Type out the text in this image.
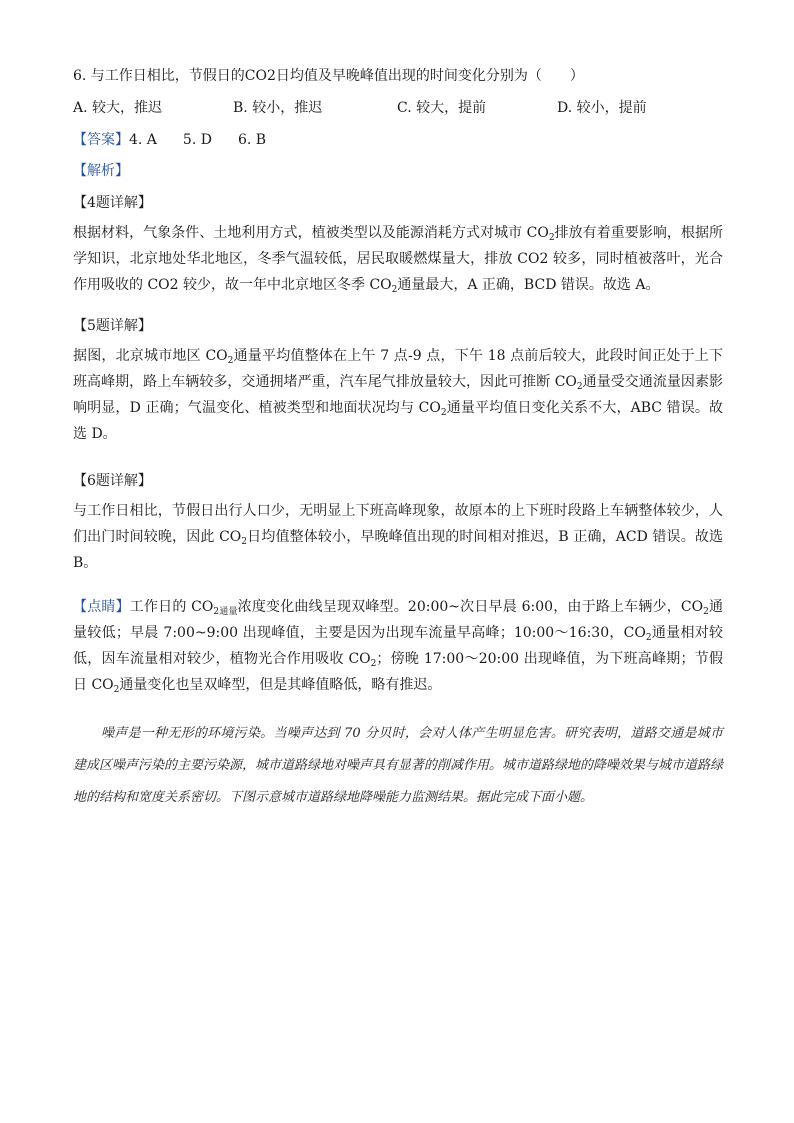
6. 与工作日相比，节假日的CO2日均值及早晚峰值出现的时间变化分别为（　　）
A. 较大，推迟	B. 较小，推迟	C. 较大，提前	D. 较小，提前
【答案】4. A 5. D 6. B
【解析】
【4题详解】
根据材料，气象条件、土地利用方式，植被类型以及能源消耗方式对城市 $CO_2$排放有着重要影响，根据所学知识，北京地处华北地区，冬季气温较低，居民取暖燃煤量大，排放 CO2 较多，同时植被落叶，光合作用吸收的 CO2 较少，故一年中北京地区冬季 $CO_2$通量最大，A 正确，BCD 错误。故选 A。
【5题详解】
据图，北京城市地区 $CO_2$通量平均值整体在上午 7 点-9 点，下午 18 点前后较大，此段时间正处于上下班高峰期，路上车辆较多，交通拥堵严重，汽车尾气排放量较大，因此可推断 $CO_2$通量受交通流量因素影响明显，D 正确；气温变化、植被类型和地面状况均与 $CO_2$通量平均值日变化关系不大，ABC 错误。故选 D。
【6题详解】
与工作日相比，节假日出行人口少，无明显上下班高峰现象，故原本的上下班时段路上车辆整体较少，人们出门时间较晚，因此 $CO_2$日均值整体较小，早晚峰值出现的时间相对推迟，B 正确，ACD 错误。故选 B。
【点睛】工作日的 $CO_{2通量}$浓度变化曲线呈现双峰型。20:00~次日早晨 6:00，由于路上车辆少，$CO_2$通量较低；早晨 7:00~9:00 出现峰值，主要是因为出现车流量早高峰；10:00～16:30，$CO_2$通量相对较低，因车流量相对较少，植物光合作用吸收 $CO_2$；傍晚 17:00～20:00 出现峰值，为下班高峰期；节假日 $CO_2$通量变化也呈双峰型，但是其峰值略低，略有推迟。
噪声是一种无形的环境污染。当噪声达到 70 分贝时，会对人体产生明显危害。研究表明，道路交通是城市建成区噪声污染的主要污染源，城市道路绿地对噪声具有显著的削减作用。城市道路绿地的降噪效果与城市道路绿地的结构和宽度关系密切。下图示意城市道路绿地降噪能力监测结果。据此完成下面小题。
